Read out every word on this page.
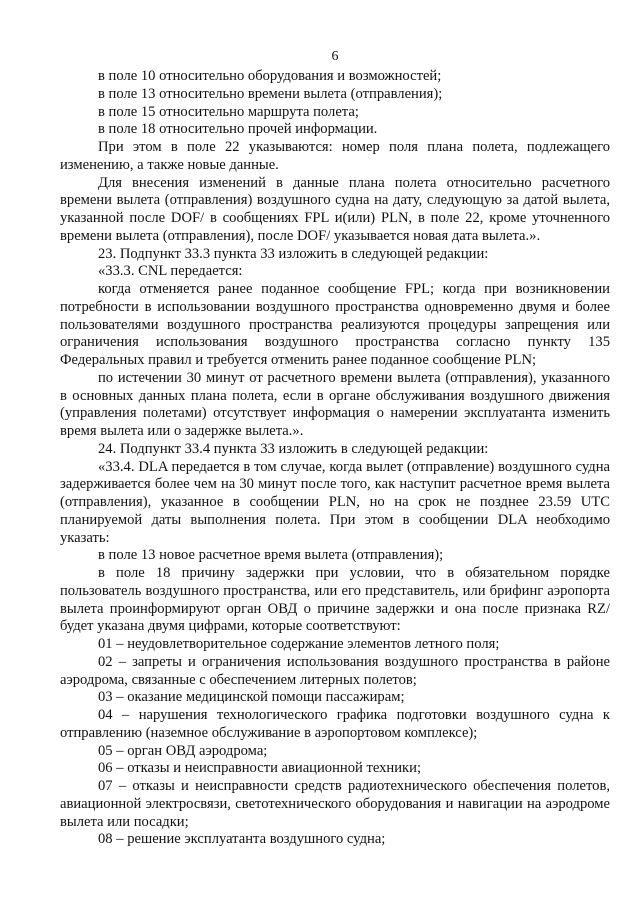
6

в поле 10 относительно оборудования и возможностей;

в поле 13 относительно времени вылета (отправления);

в поле 15 относительно маршрута полета;

в поле 18 относительно прочей информации.

При этом в поле 22 указываются: номер поля плана полета, подлежащего изменению, а также новые данные.

Для внесения изменений в данные плана полета относительно расчетного времени вылета (отправления) воздушного судна на дату, следующую за датой вылета, указанной после DOF/ в сообщениях FPL и(или) PLN, в поле 22, кроме уточненного времени вылета (отправления), после DOF/ указывается новая дата вылета.».

23. Подпункт 33.3 пункта 33 изложить в следующей редакции:

«33.3. CNL передается:

когда отменяется ранее поданное сообщение FPL; когда при возникновении потребности в использовании воздушного пространства одновременно двумя и более пользователями воздушного пространства реализуются процедуры запрещения или ограничения использования воздушного пространства согласно пункту 135 Федеральных правил и требуется отменить ранее поданное сообщение PLN;

по истечении 30 минут от расчетного времени вылета (отправления), указанного в основных данных плана полета, если в органе обслуживания воздушного движения (управления полетами) отсутствует информация о намерении эксплуатанта изменить время вылета или о задержке вылета.».

24. Подпункт 33.4 пункта 33 изложить в следующей редакции:

«33.4. DLA передается в том случае, когда вылет (отправление) воздушного судна задерживается более чем на 30 минут после того, как наступит расчетное время вылета (отправления), указанное в сообщении PLN, но на срок не позднее 23.59 UTC планируемой даты выполнения полета. При этом в сообщении DLA необходимо указать:

в поле 13 новое расчетное время вылета (отправления);

в поле 18 причину задержки при условии, что в обязательном порядке пользователь воздушного пространства, или его представитель, или брифинг аэропорта вылета проинформируют орган ОВД о причине задержки и она после признака RZ/ будет указана двумя цифрами, которые соответствуют:

01 – неудовлетворительное содержание элементов летного поля;

02 – запреты и ограничения использования воздушного пространства в районе аэродрома, связанные с обеспечением литерных полетов;

03 – оказание медицинской помощи пассажирам;

04 – нарушения технологического графика подготовки воздушного судна к отправлению (наземное обслуживание в аэропортовом комплексе);

05 – орган ОВД аэродрома;

06 – отказы и неисправности авиационной техники;

07 – отказы и неисправности средств радиотехнического обеспечения полетов, авиационной электросвязи, светотехнического оборудования и навигации на аэродроме вылета или посадки;

08 – решение эксплуатанта воздушного судна;
